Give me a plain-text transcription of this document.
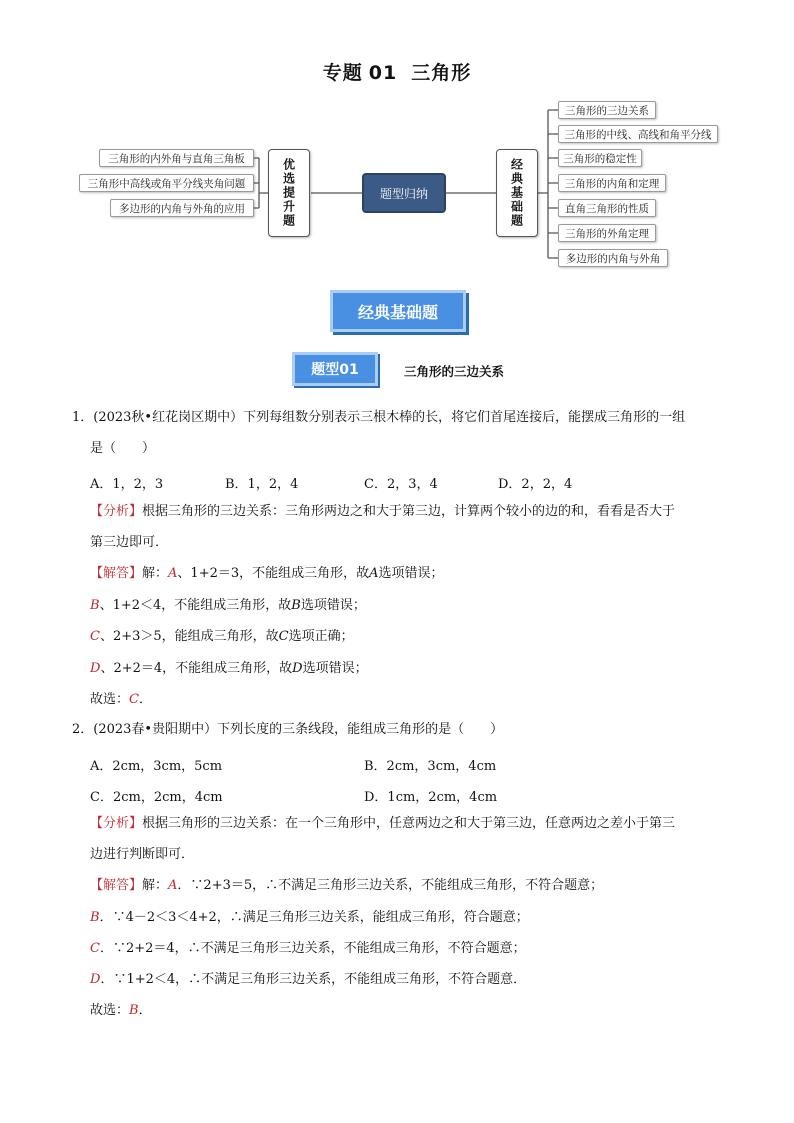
专题 01 三角形
三角形的内外角与直角三角板
三角形中高线或角平分线夹角问题
多边形的内角与外角的应用	优选提升题	题型归纳	经典基础题
三角形的三边关系
三角形的中线、高线和角平分线
三角形的稳定性
三角形的内角和定理
直角三角形的性质
三角形的外角定理
多边形的内角与外角
经典基础题
题型01	三角形的三边关系
1．(2023秋•红花岗区期中）下列每组数分别表示三根木棒的长，将它们首尾连接后，能摆成三角形的一组
是（　　）
A．1，2，3	B．1，2，4	C．2，3，4	D．2，2，4
【分析】根据三角形的三边关系：三角形两边之和大于第三边，计算两个较小的边的和，看看是否大于
第三边即可．
【解答】解：A、1+2＝3，不能组成三角形，故A选项错误；
B、1+2＜4，不能组成三角形，故B选项错误；
C、2+3＞5，能组成三角形，故C选项正确；
D、2+2＝4，不能组成三角形，故D选项错误；
故选：C．
2．(2023春•贵阳期中）下列长度的三条线段，能组成三角形的是（　　）
A．2cm，3cm，5cm	B．2cm，3cm，4cm
C．2cm，2cm，4cm	D．1cm，2cm，4cm
【分析】根据三角形的三边关系：在一个三角形中，任意两边之和大于第三边，任意两边之差小于第三
边进行判断即可．
【解答】解：A．∵2+3＝5，∴不满足三角形三边关系，不能组成三角形，不符合题意；
B．∵4－2＜3＜4+2，∴满足三角形三边关系，能组成三角形，符合题意；
C．∵2+2＝4，∴不满足三角形三边关系，不能组成三角形，不符合题意；
D．∵1+2＜4，∴不满足三角形三边关系，不能组成三角形，不符合题意．
故选：B．
